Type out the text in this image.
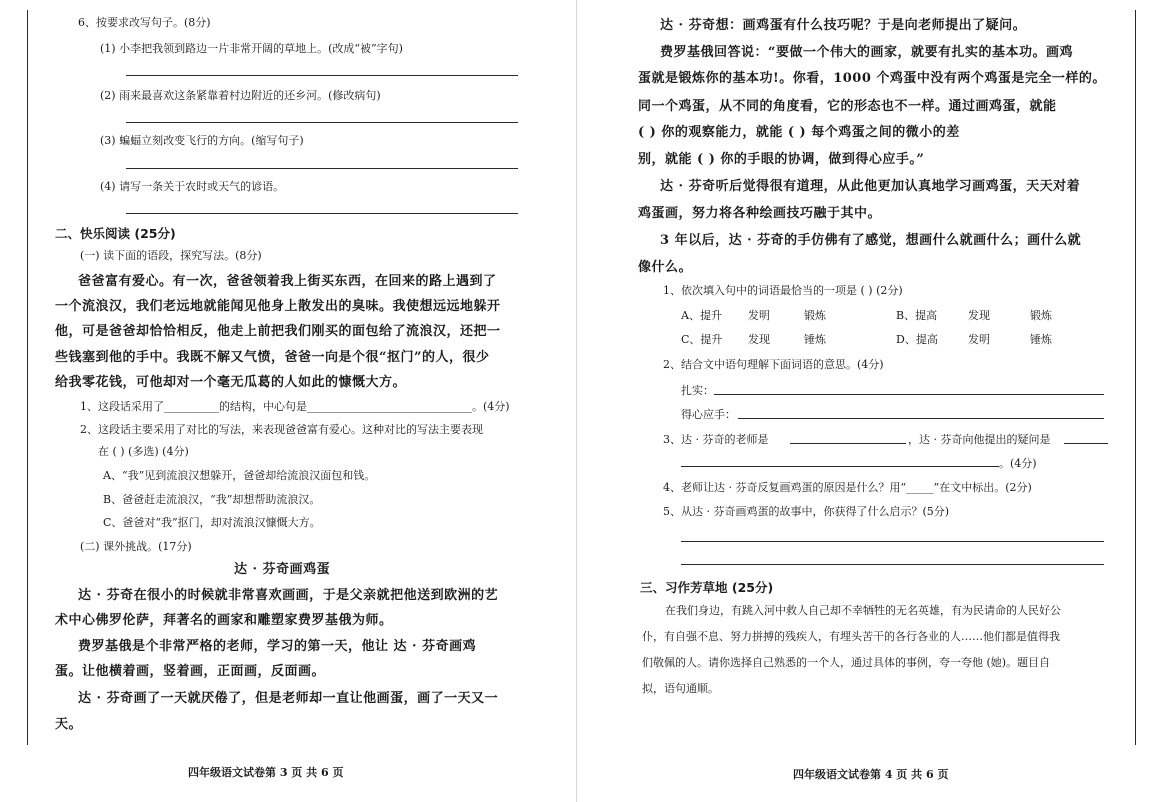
6、按要求改写句子。(8分)
(1) 小李把我领到路边一片非常开阔的草地上。(改成“被”字句)
(2) 雨来最喜欢这条紧靠着村边附近的还乡河。(修改病句)
(3) 蝙蝠立刻改变飞行的方向。(缩写句子)
(4) 请写一条关于农时或天气的谚语。
二、快乐阅读 (25分)
(一) 读下面的语段，探究写法。(8分)
爸爸富有爱心。有一次，爸爸领着我上街买东西，在回来的路上遇到了
一个流浪汉，我们老远地就能闻见他身上散发出的臭味。我使想远远地躲开
他，可是爸爸却恰恰相反，他走上前把我们刚买的面包给了流浪汉，还把一
些钱塞到他的手中。我既不解又气愤，爸爸一向是个很“抠门”的人，很少
给我零花钱，可他却对一个毫无瓜葛的人如此的慷慨大方。
1、这段话采用了__________的结构，中心句是______________________________。(4分)
2、这段话主要采用了对比的写法，来表现爸爸富有爱心。这种对比的写法主要表现
在 ( ) (多选) (4分)
A、“我”见到流浪汉想躲开，爸爸却给流浪汉面包和钱。
B、爸爸赶走流浪汉，“我”却想帮助流浪汉。
C、爸爸对“我”抠门，却对流浪汉慷慨大方。
(二) 课外挑战。(17分)
达 · 芬奇画鸡蛋
达 · 芬奇在很小的时候就非常喜欢画画，于是父亲就把他送到欧洲的艺
术中心佛罗伦萨，拜著名的画家和雕塑家费罗基俄为师。
费罗基俄是个非常严格的老师，学习的第一天，他让 达 · 芬奇画鸡
蛋。让他横着画，竖着画，正面画，反面画。
达 · 芬奇画了一天就厌倦了，但是老师却一直让他画蛋，画了一天又一
天。
四年级语文试卷第 3 页 共 6 页
达 · 芬奇想：画鸡蛋有什么技巧呢？于是向老师提出了疑问。
费罗基俄回答说：“要做一个伟大的画家，就要有扎实的基本功。画鸡
蛋就是锻炼你的基本功!。你看，1000 个鸡蛋中没有两个鸡蛋是完全一样的。
同一个鸡蛋，从不同的角度看，它的形态也不一样。通过画鸡蛋，就能
( ) 你的观察能力，就能 ( ) 每个鸡蛋之间的微小的差
别，就能 ( ) 你的手眼的协调，做到得心应手。”
达 · 芬奇听后觉得很有道理，从此他更加认真地学习画鸡蛋，天天对着
鸡蛋画，努力将各种绘画技巧融于其中。
3 年以后，达 · 芬奇的手仿佛有了感觉，想画什么就画什么；画什么就
像什么。
1、依次填入句中的词语最恰当的一项是 ( ) (2分)
A、提升 发明	锻炼	B、提高	发现	锻炼
C、提升 发现	锤炼	D、提高	发明	锤炼
2、结合文中语句理解下面词语的意思。(4分)
扎实：
得心应手：
3、达 · 芬奇的老师是	，达 · 芬奇向他提出的疑问是
。(4分)
4、老师让达 · 芬奇反复画鸡蛋的原因是什么？用“_____”在文中标出。(2分)
5、从达 · 芬奇画鸡蛋的故事中，你获得了什么启示？(5分)
三、习作芳草地 (25分)
在我们身边，有跳入河中救人自己却不幸牺牲的无名英雄，有为民请命的人民好公
仆，有自强不息、努力拼搏的残疾人，有埋头苦干的各行各业的人……他们都是值得我
们敬佩的人。请你选择自己熟悉的一个人，通过具体的事例，夸一夸他 (她)。题目自
拟，语句通顺。
四年级语文试卷第 4 页 共 6 页
